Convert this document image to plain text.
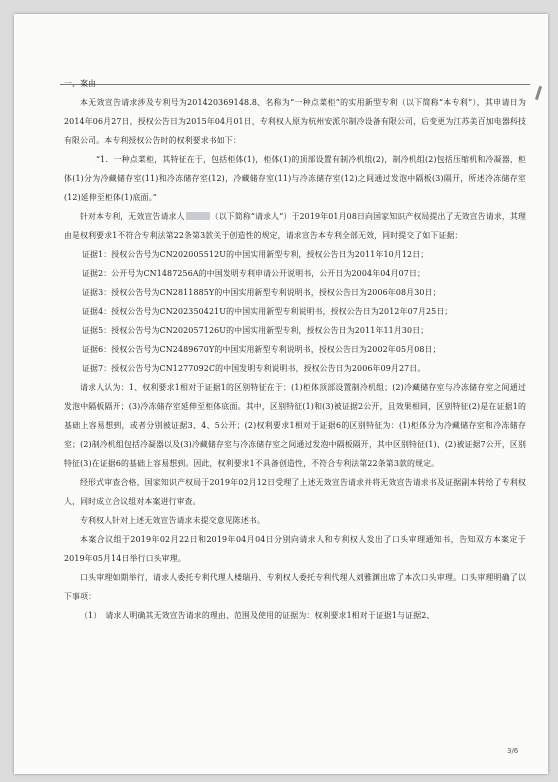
一、案由

本无效宣告请求涉及专利号为201420369148.8、名称为“一种点菜柜”的实用新型专利（以下简称“本专利”），其申请日为2014年06月27日，授权公告日为2015年04月01日，专利权人原为杭州安派尔制冷设备有限公司，后变更为江苏美百加电器科技有限公司。本专利授权公告时的权利要求书如下：

“1．一种点菜柜，其特征在于，包括柜体(1)，柜体(1)的顶部设置有制冷机组(2)，制冷机组(2)包括压缩机和冷凝器，柜体(1)分为冷藏储存室(11)和冷冻储存室(12)，冷藏储存室(11)与冷冻储存室(12)之间通过发泡中隔板(3)隔开，所述冷冻储存室(12)延伸至柜体(1)底面。”

针对本专利，无效宣告请求人	（以下简称“请求人”）于2019年01月08日向国家知识产权局提出了无效宣告请求，其理由是权利要求1不符合专利法第22条第3款关于创造性的规定，请求宣告本专利全部无效，同时提交了如下证据：

证据1：授权公告号为CN202005512U的中国实用新型专利，授权公告日为2011年10月12日；

证据2：公开号为CN1487256A的中国发明专利申请公开说明书，公开日为2004年04月07日；

证据3：授权公告号为CN2811885Y的中国实用新型专利说明书，授权公告日为2006年08月30日；

证据4：授权公告号为CN202350421U的中国实用新型专利说明书，授权公告日为2012年07月25日；

证据5：授权公告号为CN202057126U的中国实用新型专利，授权公告日为2011年11月30日；

证据6：授权公告号为CN2489670Y的中国实用新型专利说明书，授权公告日为2002年05月08日；

证据7：授权公告号为CN1277092C的中国发明专利说明书，授权公告日为2006年09月27日。

请求人认为：1、权利要求1相对于证据1的区别特征在于：(1)柜体顶部设置制冷机组；(2)冷藏储存室与冷冻储存室之间通过发泡中隔板隔开；(3)冷冻储存室延伸至柜体底面。其中，区别特征(1)和(3)被证据2公开，且效果相同，区别特征(2)是在证据1的基础上容易想到，或者分别被证据3、4、5公开；(2)权利要求1相对于证据6的区别特征为：(1)柜体分为冷藏储存室和冷冻储存室；(2)制冷机组包括冷凝器以及(3)冷藏储存室与冷冻储存室之间通过发泡中隔板隔开，其中区别特征(1)、(2)被证据7公开，区别特征(3)在证据6的基础上容易想到。因此，权利要求1不具备创造性，不符合专利法第22条第3款的规定。

经形式审查合格，国家知识产权局于2019年02月12日受理了上述无效宣告请求并将无效宣告请求书及证据副本转给了专利权人，同时成立合议组对本案进行审查。

专利权人针对上述无效宣告请求未提交意见陈述书。

本案合议组于2019年02月22日和2019年04月04日分别向请求人和专利权人发出了口头审理通知书，告知双方本案定于2019年05月14日举行口头审理。

口头审理如期举行，请求人委托专利代理人楼瑞丹、专利权人委托专利代理人刘雅渊出席了本次口头审理。口头审理明确了以下事项：

（1）　请求人明确其无效宣告请求的理由、范围及使用的证据为：权利要求1相对于证据1与证据2、

3/6
